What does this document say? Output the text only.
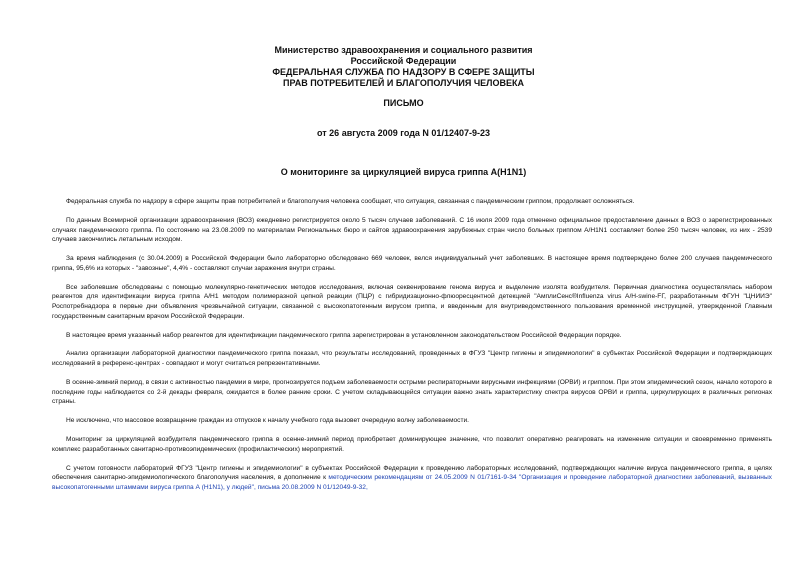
Министерство здравоохранения и социального развития
Российской Федерации
ФЕДЕРАЛЬНАЯ СЛУЖБА ПО НАДЗОРУ В СФЕРЕ ЗАЩИТЫ
ПРАВ ПОТРЕБИТЕЛЕЙ И БЛАГОПОЛУЧИЯ ЧЕЛОВЕКА
ПИСЬМО
от 26 августа 2009 года N 01/12407-9-23
О мониторинге за циркуляцией вируса гриппа А(H1N1)

Федеральная служба по надзору в сфере защиты прав потребителей и благополучия человека сообщает, что ситуация, связанная с пандемическим гриппом, продолжает осложняться.

По данным Всемирной организации здравоохранения (ВОЗ) ежедневно регистрируется около 5 тысяч случаев заболеваний. С 16 июля 2009 года отменено официальное предоставление данных в ВОЗ о зарегистрированных случаях пандемического гриппа. По состоянию на 23.08.2009 по материалам Региональных бюро и сайтов здравоохранения зарубежных стран число больных гриппом A/H1N1 составляет более 250 тысяч человек, из них - 2539 случаев закончились летальным исходом.

За время наблюдения (с 30.04.2009) в Российской Федерации было лабораторно обследовано 669 человек, велся индивидуальный учет заболевших. В настоящее время подтверждено более 200 случаев пандемического гриппа, 95,6% из которых - "завозные", 4,4% - составляют случаи заражения внутри страны.

Все заболевшие обследованы с помощью молекулярно-генетических методов исследования, включая секвенирование генома вируса и выделение изолята возбудителя. Первичная диагностика осуществлялась набором реагентов для идентификации вируса гриппа A/H1 методом полимеразной цепной реакции (ПЦР) с гибридизационно-флюоресцентной детекцией "АмплиСенс®Influenza virus A/H-swine-FГ, разработанным ФГУН "ЦНИИЭ" Роспотребнадзора в первые дни объявления чрезвычайной ситуации, связанной с высокопатогенным вирусом гриппа, и введенным для внутриведомственного пользования временной инструкцией, утвержденной Главным государственным санитарным врачом Российской Федерации.

В настоящее время указанный набор реагентов для идентификации пандемического гриппа зарегистрирован в установленном законодательством Российской Федерации порядке.

Анализ организации лабораторной диагностики пандемического гриппа показал, что результаты исследований, проведенных в ФГУЗ "Центр гигиены и эпидемиологии" в субъектах Российской Федерации и подтверждающих исследований в референс-центрах - совпадают и могут считаться репрезентативными.

В осенне-зимний период, в связи с активностью пандемии в мире, прогнозируется подъем заболеваемости острыми респираторными вирусными инфекциями (ОРВИ) и гриппом. При этом эпидемический сезон, начало которого в последние годы наблюдается со 2-й декады февраля, ожидается в более ранние сроки. С учетом складывающейся ситуации важно знать характеристику спектра вирусов ОРВИ и гриппа, циркулирующих в различных регионах страны.

Не исключено, что массовое возвращение граждан из отпусков к началу учебного года вызовет очередную волну заболеваемости.

Мониторинг за циркуляцией возбудителя пандемического гриппа в осенне-зимний период приобретает доминирующее значение, что позволит оперативно реагировать на изменение ситуации и своевременно применять комплекс разработанных санитарно-противоэпидемических (профилактических) мероприятий.

С учетом готовности лабораторий ФГУЗ "Центр гигиены и эпидемиологии" в субъектах Российской Федерации к проведению лабораторных исследований, подтверждающих наличие вируса пандемического гриппа, в целях обеспечения санитарно-эпидемиологического благополучия населения, в дополнение к методическим рекомендациям от 24.05.2009 N 01/7161-9-34 "Организация и проведение лабораторной диагностики заболеваний, вызванных высокопатогенными штаммами вируса гриппа А (H1N1), у людей", письма 20.08.2009 N 01/12049-9-32,
